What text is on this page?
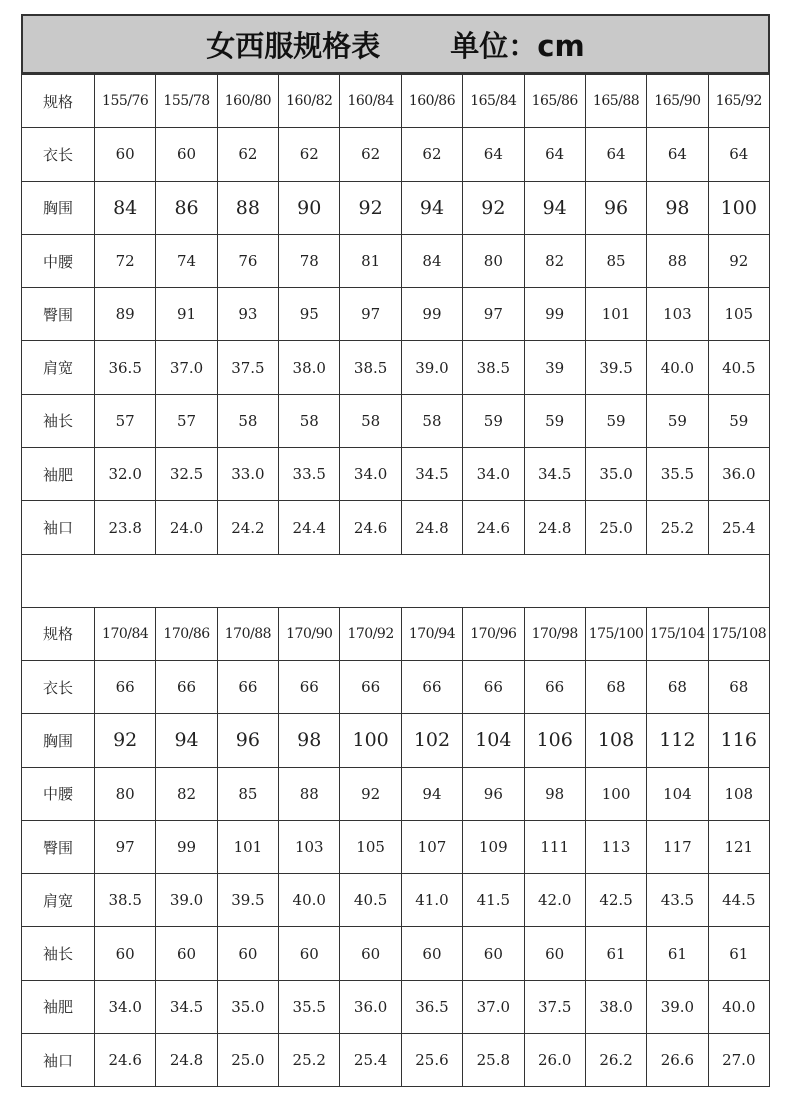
女西服规格表 单位：cm
规格	155/76	155/78	160/80	160/82	160/84	160/86	165/84	165/86	165/88	165/90	165/92
衣长	60	60	62	62	62	62	64	64	64	64	64
胸围	84	86	88	90	92	94	92	94	96	98	100
中腰	72	74	76	78	81	84	80	82	85	88	92
臀围	89	91	93	95	97	99	97	99	101	103	105
肩宽	36.5	37.0	37.5	38.0	38.5	39.0	38.5	39	39.5	40.0	40.5
袖长	57	57	58	58	58	58	59	59	59	59	59
袖肥	32.0	32.5	33.0	33.5	34.0	34.5	34.0	34.5	35.0	35.5	36.0
袖口	23.8	24.0	24.2	24.4	24.6	24.8	24.6	24.8	25.0	25.2	25.4
规格	170/84	170/86	170/88	170/90	170/92	170/94	170/96	170/98	175/100	175/104	175/108
衣长	66	66	66	66	66	66	66	66	68	68	68
胸围	92	94	96	98	100	102	104	106	108	112	116
中腰	80	82	85	88	92	94	96	98	100	104	108
臀围	97	99	101	103	105	107	109	111	113	117	121
肩宽	38.5	39.0	39.5	40.0	40.5	41.0	41.5	42.0	42.5	43.5	44.5
袖长	60	60	60	60	60	60	60	60	61	61	61
袖肥	34.0	34.5	35.0	35.5	36.0	36.5	37.0	37.5	38.0	39.0	40.0
袖口	24.6	24.8	25.0	25.2	25.4	25.6	25.8	26.0	26.2	26.6	27.0
